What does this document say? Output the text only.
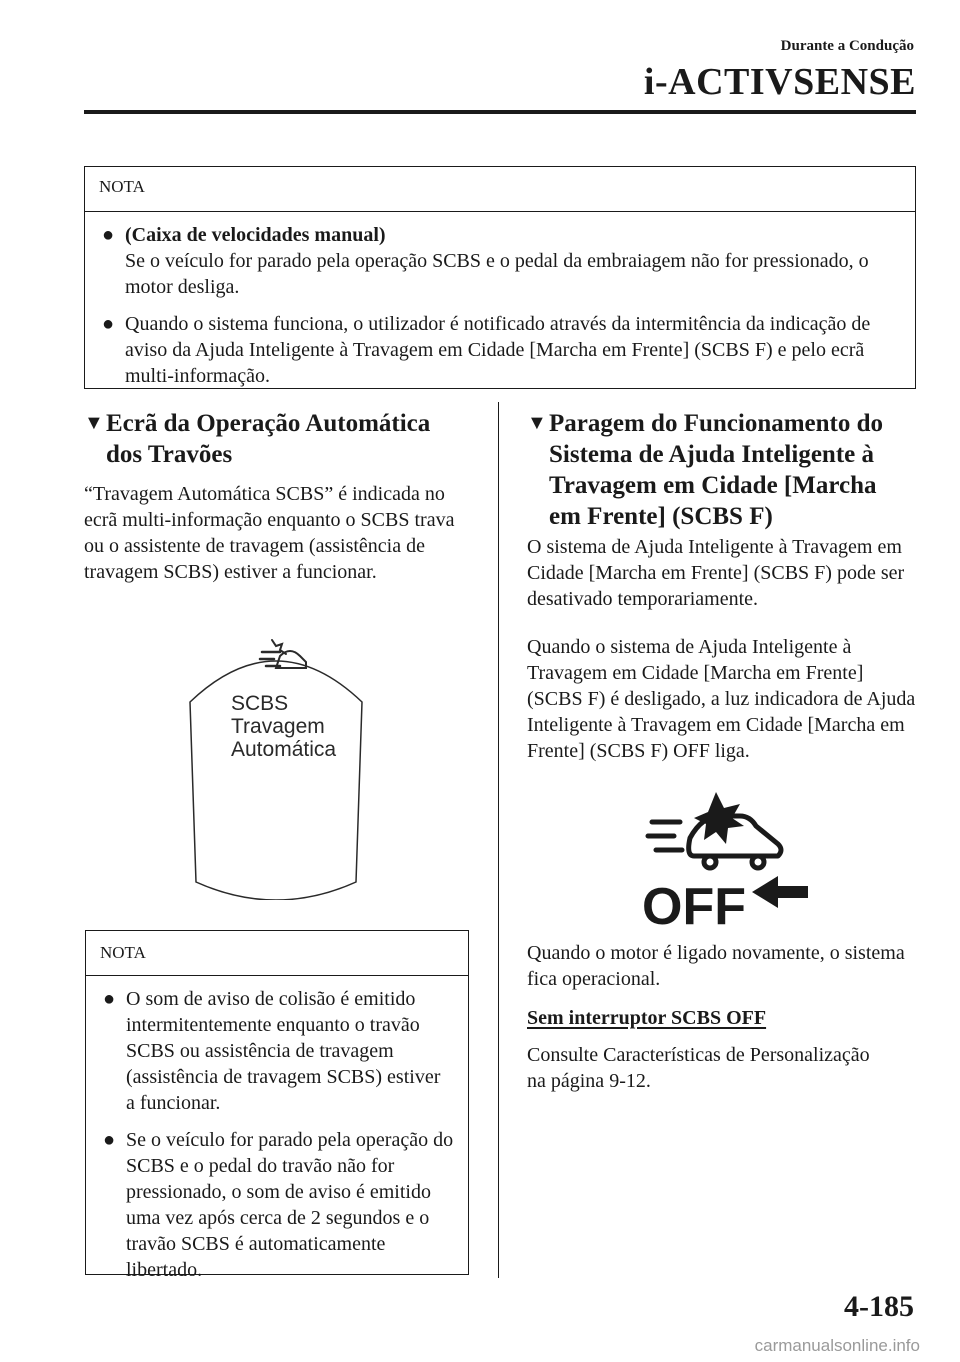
Durante a Condução
i-ACTIVSENSE
NOTA
● (Caixa de velocidades manual)
Se o veículo for parado pela operação SCBS e o pedal da embraiagem não for pressionado, o motor desliga.
● Quando o sistema funciona, o utilizador é notificado através da intermitência da indicação de aviso da Ajuda Inteligente à Travagem em Cidade [Marcha em Frente] (SCBS F) e pelo ecrã multi-informação.
▼ Ecrã da Operação Automática dos Travões
“Travagem Automática SCBS” é indicada no ecrã multi-informação enquanto o SCBS trava ou o assistente de travagem (assistência de travagem SCBS) estiver a funcionar.
SCBS
Travagem
Automática
NOTA
● O som de aviso de colisão é emitido intermitentemente enquanto o travão SCBS ou assistência de travagem (assistência de travagem SCBS) estiver a funcionar.
● Se o veículo for parado pela operação do SCBS e o pedal do travão não for pressionado, o som de aviso é emitido uma vez após cerca de 2 segundos e o travão SCBS é automaticamente libertado.
▼ Paragem do Funcionamento do Sistema de Ajuda Inteligente à Travagem em Cidade [Marcha em Frente] (SCBS F)
O sistema de Ajuda Inteligente à Travagem em Cidade [Marcha em Frente] (SCBS F) pode ser desativado temporariamente.
Quando o sistema de Ajuda Inteligente à Travagem em Cidade [Marcha em Frente] (SCBS F) é desligado, a luz indicadora de Ajuda Inteligente à Travagem em Cidade [Marcha em Frente] (SCBS F) OFF liga.
OFF
Quando o motor é ligado novamente, o sistema fica operacional.
Sem interruptor SCBS OFF
Consulte Características de Personalização na página 9-12.
4-185
carmanualsonline.info
